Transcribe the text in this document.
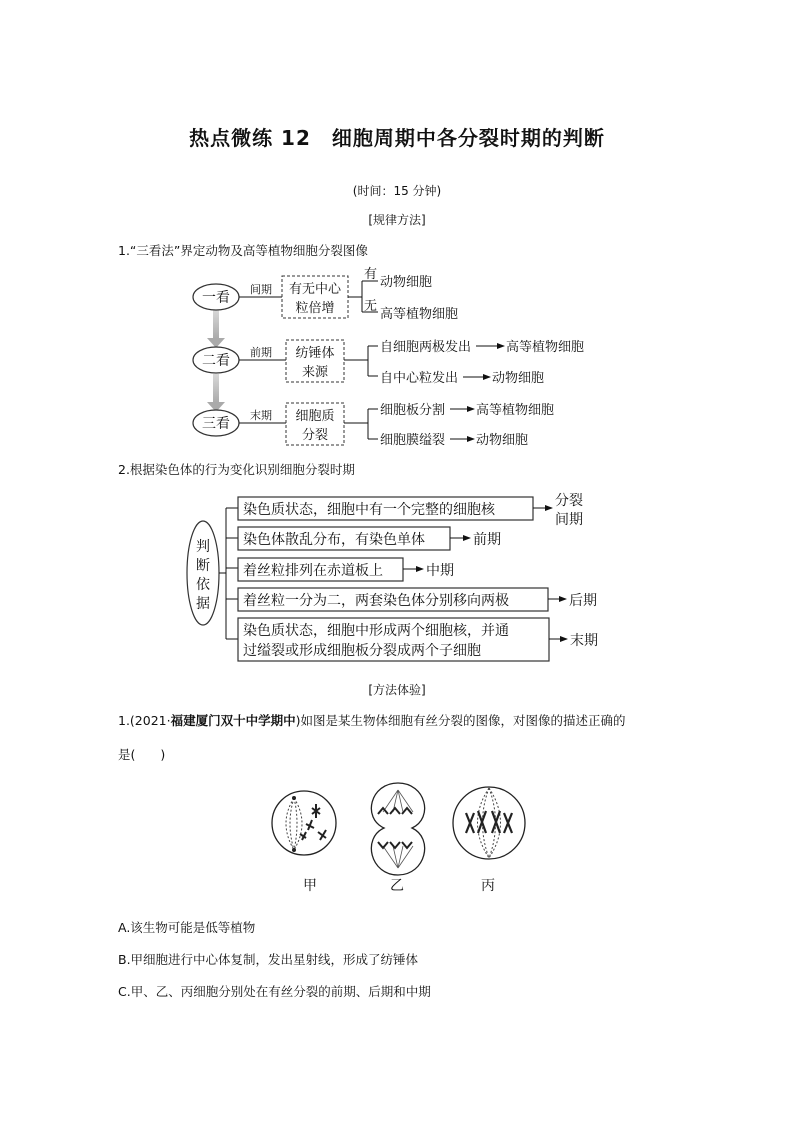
热点微练 12　细胞周期中各分裂时期的判断
(时间：15 分钟)
[规律方法]
1.“三看法”界定动物及高等植物细胞分裂图像
一看
间期 有无中心
粒倍增
有
无
动物细胞
高等植物细胞
二看
前期 纺锤体
来源
自细胞两极发出	高等植物细胞
自中心粒发出	动物细胞
三看
末期 细胞质
分裂
细胞板分割 高等植物细胞
细胞膜缢裂 动物细胞
2.根据染色体的行为变化识别细胞分裂时期
判
断
依
据
染色质状态，细胞中有一个完整的细胞核
分裂
间期
染色体散乱分布，有染色单体	前期
着丝粒排列在赤道板上	中期
着丝粒一分为二，两套染色体分别移向两极	后期
染色质状态，细胞中形成两个细胞核，并通
过缢裂或形成细胞板分裂成两个子细胞
末期
[方法体验]
1.(2021·福建厦门双十中学期中)如图是某生物体细胞有丝分裂的图像，对图像的描述正确的
是(　　)
甲	乙	丙
A.该生物可能是低等植物
B.甲细胞进行中心体复制，发出星射线，形成了纺锤体
C.甲、乙、丙细胞分别处在有丝分裂的前期、后期和中期
